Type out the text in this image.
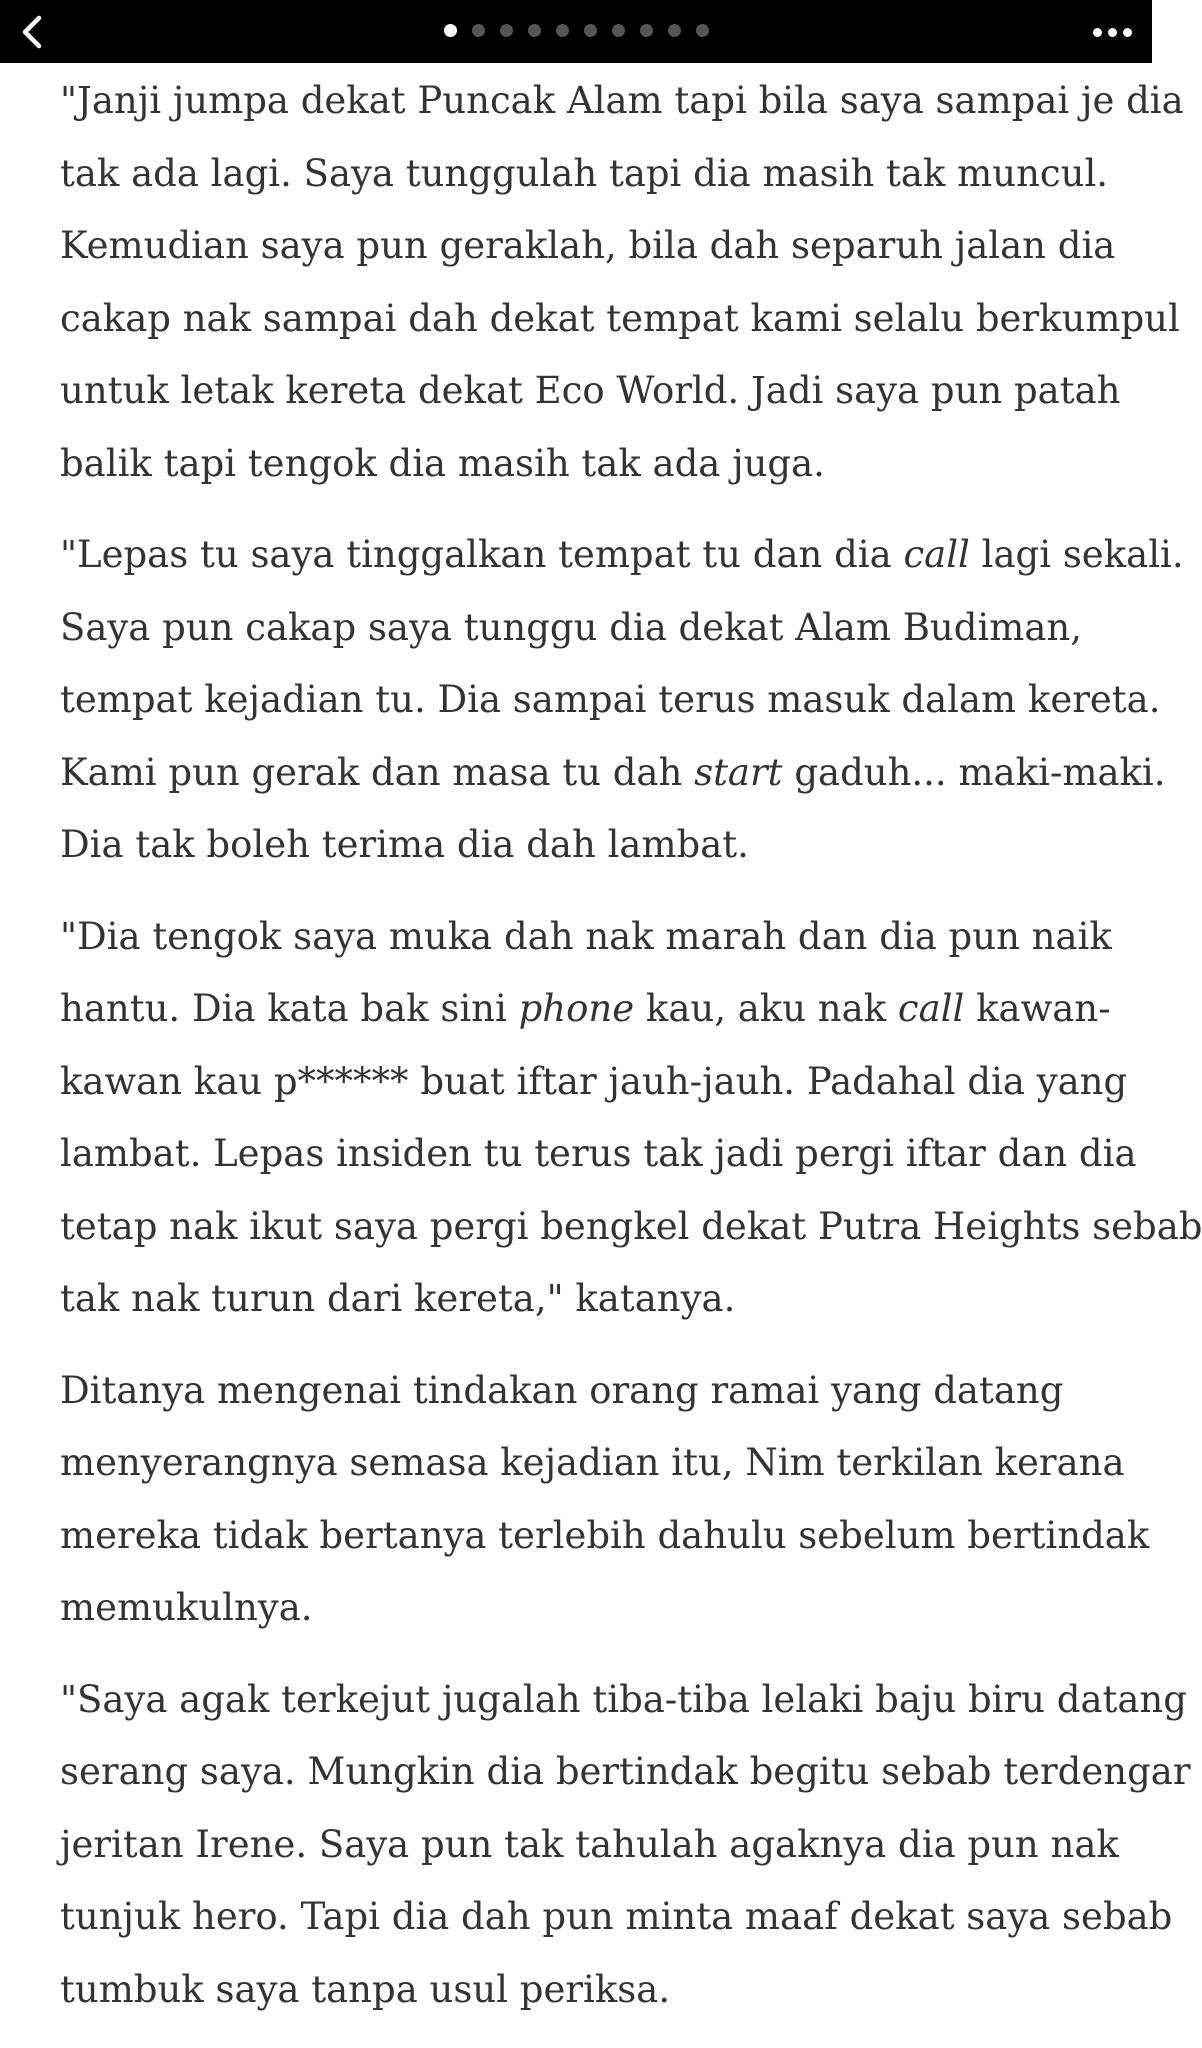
"Janji jumpa dekat Puncak Alam tapi bila saya sampai je dia
tak ada lagi. Saya tunggulah tapi dia masih tak muncul.
Kemudian saya pun geraklah, bila dah separuh jalan dia
cakap nak sampai dah dekat tempat kami selalu berkumpul
untuk letak kereta dekat Eco World. Jadi saya pun patah
balik tapi tengok dia masih tak ada juga.

"Lepas tu saya tinggalkan tempat tu dan dia call lagi sekali.
Saya pun cakap saya tunggu dia dekat Alam Budiman,
tempat kejadian tu. Dia sampai terus masuk dalam kereta.
Kami pun gerak dan masa tu dah start gaduh... maki-maki.
Dia tak boleh terima dia dah lambat.

"Dia tengok saya muka dah nak marah dan dia pun naik
hantu. Dia kata bak sini phone kau, aku nak call kawan-
kawan kau p****** buat iftar jauh-jauh. Padahal dia yang
lambat. Lepas insiden tu terus tak jadi pergi iftar dan dia
tetap nak ikut saya pergi bengkel dekat Putra Heights sebab
tak nak turun dari kereta," katanya.

Ditanya mengenai tindakan orang ramai yang datang
menyerangnya semasa kejadian itu, Nim terkilan kerana
mereka tidak bertanya terlebih dahulu sebelum bertindak
memukulnya.

"Saya agak terkejut jugalah tiba-tiba lelaki baju biru datang
serang saya. Mungkin dia bertindak begitu sebab terdengar
jeritan Irene. Saya pun tak tahulah agaknya dia pun nak
tunjuk hero. Tapi dia dah pun minta maaf dekat saya sebab
tumbuk saya tanpa usul periksa.
